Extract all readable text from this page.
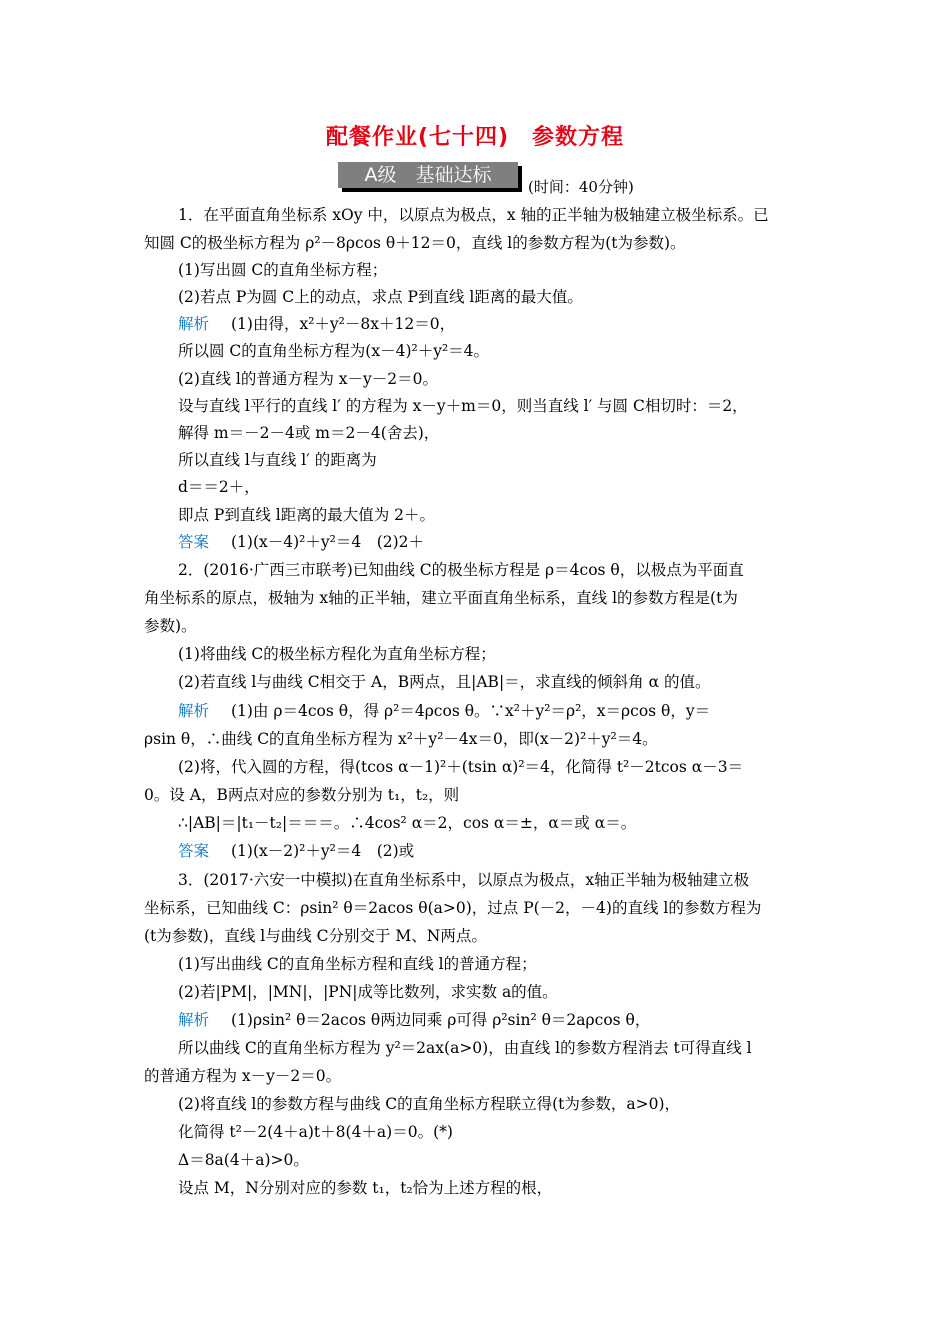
配餐作业(七十四)　参数方程
A级　基础达标
(时间：40分钟)
1．在平面直角坐标系 xOy 中，以原点为极点，x 轴的正半轴为极轴建立极坐标系。已
知圆 C的极坐标方程为 ρ²－8ρcos θ＋12＝0，直线 l的参数方程为(t为参数)。
(1)写出圆 C的直角坐标方程；
(2)若点 P为圆 C上的动点，求点 P到直线 l距离的最大值。
解析 (1)由得，x²＋y²－8x＋12＝0，
所以圆 C的直角坐标方程为(x－4)²＋y²＝4。
(2)直线 l的普通方程为 x－y－2＝0。
设与直线 l平行的直线 l′ 的方程为 x－y＋m＝0，则当直线 l′ 与圆 C相切时：＝2，
解得 m＝－2－4或 m＝2－4(舍去)，
所以直线 l与直线 l′ 的距离为
d＝＝2＋，
即点 P到直线 l距离的最大值为 2＋。
答案 (1)(x－4)²＋y²＝4　(2)2＋
2．(2016·广西三市联考)已知曲线 C的极坐标方程是 ρ＝4cos θ，以极点为平面直
角坐标系的原点，极轴为 x轴的正半轴，建立平面直角坐标系，直线 l的参数方程是(t为
参数)。
(1)将曲线 C的极坐标方程化为直角坐标方程；
(2)若直线 l与曲线 C相交于 A，B两点，且|AB|＝，求直线的倾斜角 α 的值。
解析 (1)由 ρ＝4cos θ，得 ρ²＝4ρcos θ。∵x²＋y²＝ρ²，x＝ρcos θ，y＝
ρsin θ，∴曲线 C的直角坐标方程为 x²＋y²－4x＝0，即(x－2)²＋y²＝4。
(2)将，代入圆的方程，得(tcos α－1)²＋(tsin α)²＝4，化简得 t²－2tcos α－3＝
0。设 A，B两点对应的参数分别为 t₁，t₂，则
∴|AB|＝|t₁－t₂|＝＝＝。∴4cos² α＝2，cos α＝±，α＝或 α＝。
答案 (1)(x－2)²＋y²＝4　(2)或
3．(2017·六安一中模拟)在直角坐标系中，以原点为极点，x轴正半轴为极轴建立极
坐标系，已知曲线 C：ρsin² θ＝2acos θ(a>0)，过点 P(－2，－4)的直线 l的参数方程为
(t为参数)，直线 l与曲线 C分别交于 M、N两点。
(1)写出曲线 C的直角坐标方程和直线 l的普通方程；
(2)若|PM|，|MN|，|PN|成等比数列，求实数 a的值。
解析 (1)ρsin² θ＝2acos θ两边同乘 ρ可得 ρ²sin² θ＝2aρcos θ，
所以曲线 C的直角坐标方程为 y²＝2ax(a>0)，由直线 l的参数方程消去 t可得直线 l
的普通方程为 x－y－2＝0。
(2)将直线 l的参数方程与曲线 C的直角坐标方程联立得(t为参数，a>0)，
化简得 t²－2(4＋a)t＋8(4＋a)＝0。(*)
Δ＝8a(4＋a)>0。
设点 M，N分别对应的参数 t₁，t₂恰为上述方程的根，
